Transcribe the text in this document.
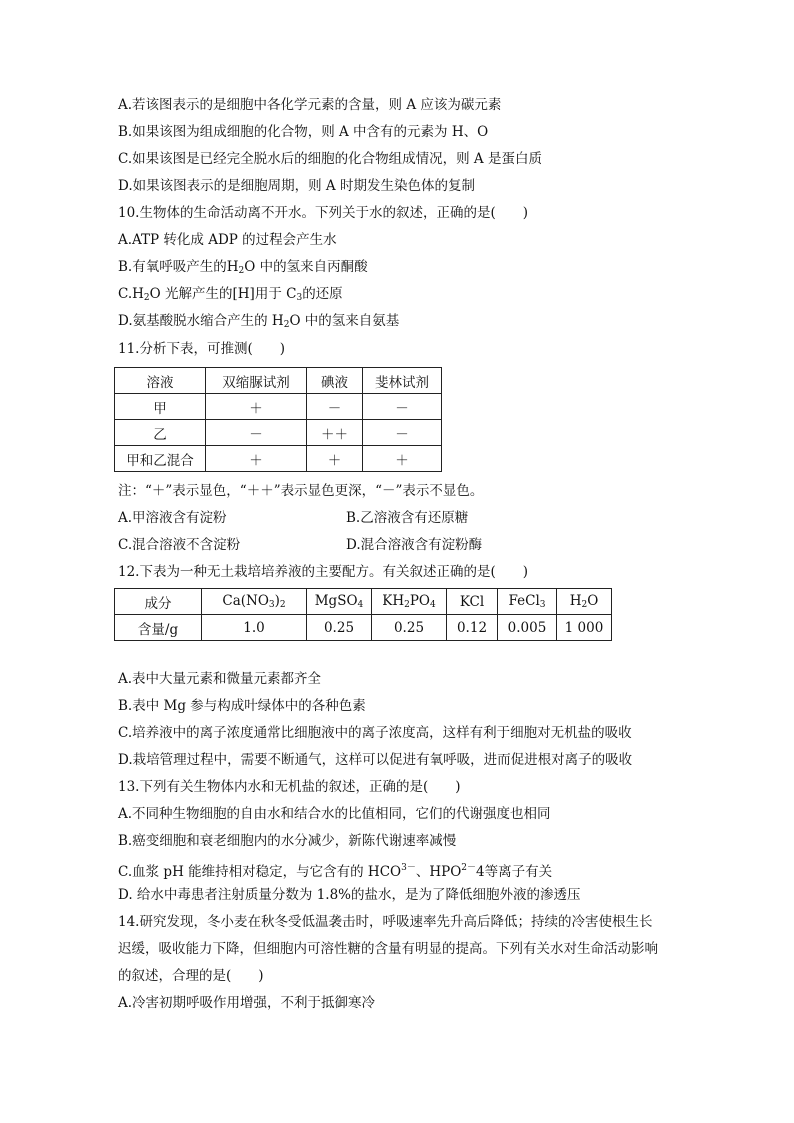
A.若该图表示的是细胞中各化学元素的含量，则 A 应该为碳元素
B.如果该图为组成细胞的化合物，则 A 中含有的元素为 H、O
C.如果该图是已经完全脱水后的细胞的化合物组成情况，则 A 是蛋白质
D.如果该图表示的是细胞周期，则 A 时期发生染色体的复制
10.生物体的生命活动离不开水。下列关于水的叙述，正确的是(　　)
A.ATP 转化成 ADP 的过程会产生水
B.有氧呼吸产生的$H_2O$ 中的氢来自丙酮酸
$C.H_2O$ 光解产生的[H]用于 $C_3$的还原
D.氨基酸脱水缩合产生的 $H_2O$ 中的氢来自氨基
11.分析下表，可推测(　　)
溶液	双缩脲试剂	碘液	斐林试剂
甲	＋	－	－
乙	－	＋＋	－
甲和乙混合	＋	＋	＋
注：“＋”表示显色，“＋＋”表示显色更深，“－”表示不显色。
A.甲溶液含有淀粉	B.乙溶液含有还原糖
C.混合溶液不含淀粉	D.混合溶液含有淀粉酶
12.下表为一种无土栽培培养液的主要配方。有关叙述正确的是(　　)
成分	$Ca(NO_3)_2$	MgSO$_4$	$KH_2PO_4$	KCl	FeCl$_3$	$H_2O$
含量/g	1.0	0.25	0.25	0.12	0.005	1 000
A.表中大量元素和微量元素都齐全
B.表中 Mg 参与构成叶绿体中的各种色素
C.培养液中的离子浓度通常比细胞液中的离子浓度高，这样有利于细胞对无机盐的吸收
D.栽培管理过程中，需要不断通气，这样可以促进有氧呼吸，进而促进根对离子的吸收
13.下列有关生物体内水和无机盐的叙述，正确的是(　　)
A.不同种生物细胞的自由水和结合水的比值相同，它们的代谢强度也相同
B.癌变细胞和衰老细胞内的水分减少，新陈代谢速率减慢
C.血浆 pH 能维持相对稳定，与它含有的 $HCO^{3-}$、$HPO^{2-}4$等离子有关
D. 给水中毒患者注射质量分数为 1.8%的盐水，是为了降低细胞外液的渗透压
14.研究发现，冬小麦在秋冬受低温袭击时，呼吸速率先升高后降低；持续的冷害使根生长
迟缓，吸收能力下降，但细胞内可溶性糖的含量有明显的提高。下列有关水对生命活动影响
的叙述，合理的是(　　)
A.冷害初期呼吸作用增强，不利于抵御寒冷
